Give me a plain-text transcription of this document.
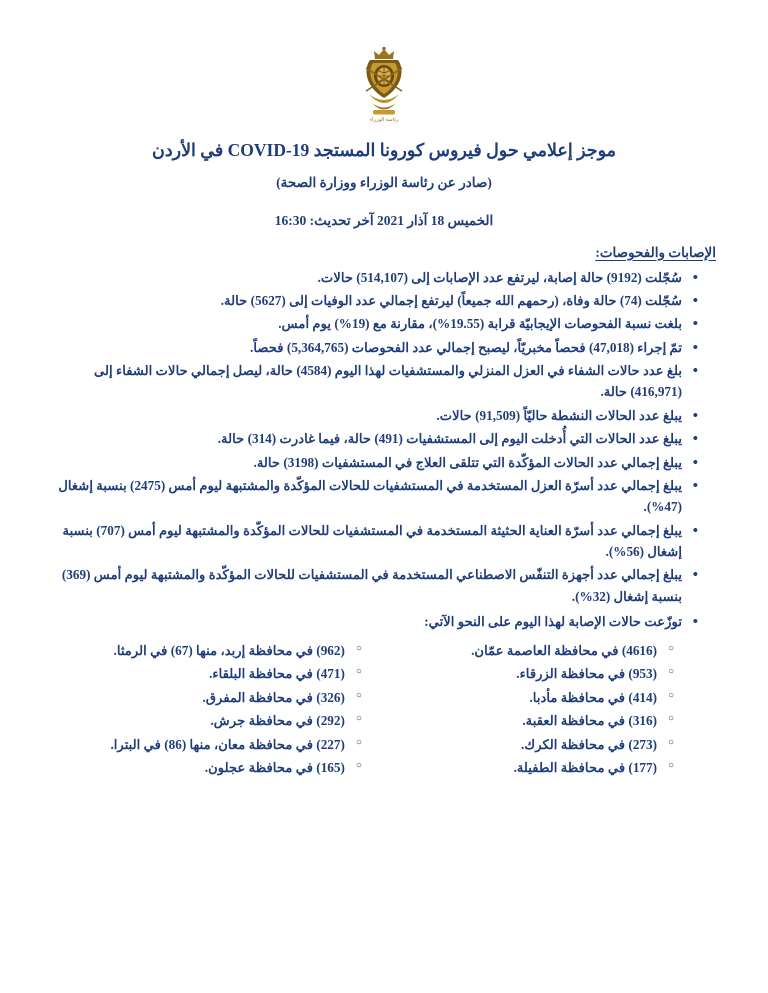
رئاسة الوزراء
موجز إعلامي حول فيروس كورونا المستجد COVID-19 في الأردن
(صادر عن رئاسة الوزراء ووزارة الصحة)
الخميس 18 آذار 2021 آخر تحديث: 16:30
الإصابات والفحوصات:
• سُجّلت (9192) حالة إصابة، ليرتفع عدد الإصابات إلى (514,107) حالات.
• سُجّلت (74) حالة وفاة، (رحمهم الله جميعاً) ليرتفع إجمالي عدد الوفيات إلى (5627) حالة.
• بلغت نسبة الفحوصات الإيجابيّة قرابة (19.55%)، مقارنة مع (19%) يوم أمس.
• تمّ إجراء (47,018) فحصاً مخبريّاً، ليصبح إجمالي عدد الفحوصات (5,364,765) فحصاً.
• بلغ عدد حالات الشفاء في العزل المنزلي والمستشفيات لهذا اليوم (4584) حالة، ليصل إجمالي حالات الشفاء إلى (416,971) حالة.
• يبلغ عدد الحالات النشطة حاليّاً (91,509) حالات.
• يبلغ عدد الحالات التي أُدخلت اليوم إلى المستشفيات (491) حالة، فيما غادرت (314) حالة.
• يبلغ إجمالي عدد الحالات المؤكّدة التي تتلقى العلاج في المستشفيات (3198) حالة.
• يبلغ إجمالي عدد أسرّة العزل المستخدمة في المستشفيات للحالات المؤكّدة والمشتبهة ليوم أمس (2475) بنسبة إشغال (47%).
• يبلغ إجمالي عدد أسرّة العناية الحثيثة المستخدمة في المستشفيات للحالات المؤكّدة والمشتبهة ليوم أمس (707) بنسبة إشغال (56%).
• يبلغ إجمالي عدد أجهزة التنفّس الاصطناعي المستخدمة في المستشفيات للحالات المؤكّدة والمشتبهة ليوم أمس (369) بنسبة إشغال (32%).
• توزّعت حالات الإصابة لهذا اليوم على النحو الآتي:
○ (4616) في محافظة العاصمة عمّان.
○ (953) في محافظة الزرقاء.
○ (414) في محافظة مأدبا.
○ (316) في محافظة العقبة.
○ (273) في محافظة الكرك.
○ (177) في محافظة الطفيلة.
○ (962) في محافظة إربد، منها (67) في الرمثا.
○ (471) في محافظة البلقاء.
○ (326) في محافظة المفرق.
○ (292) في محافظة جرش.
○ (227) في محافظة معان، منها (86) في البترا.
○ (165) في محافظة عجلون.
